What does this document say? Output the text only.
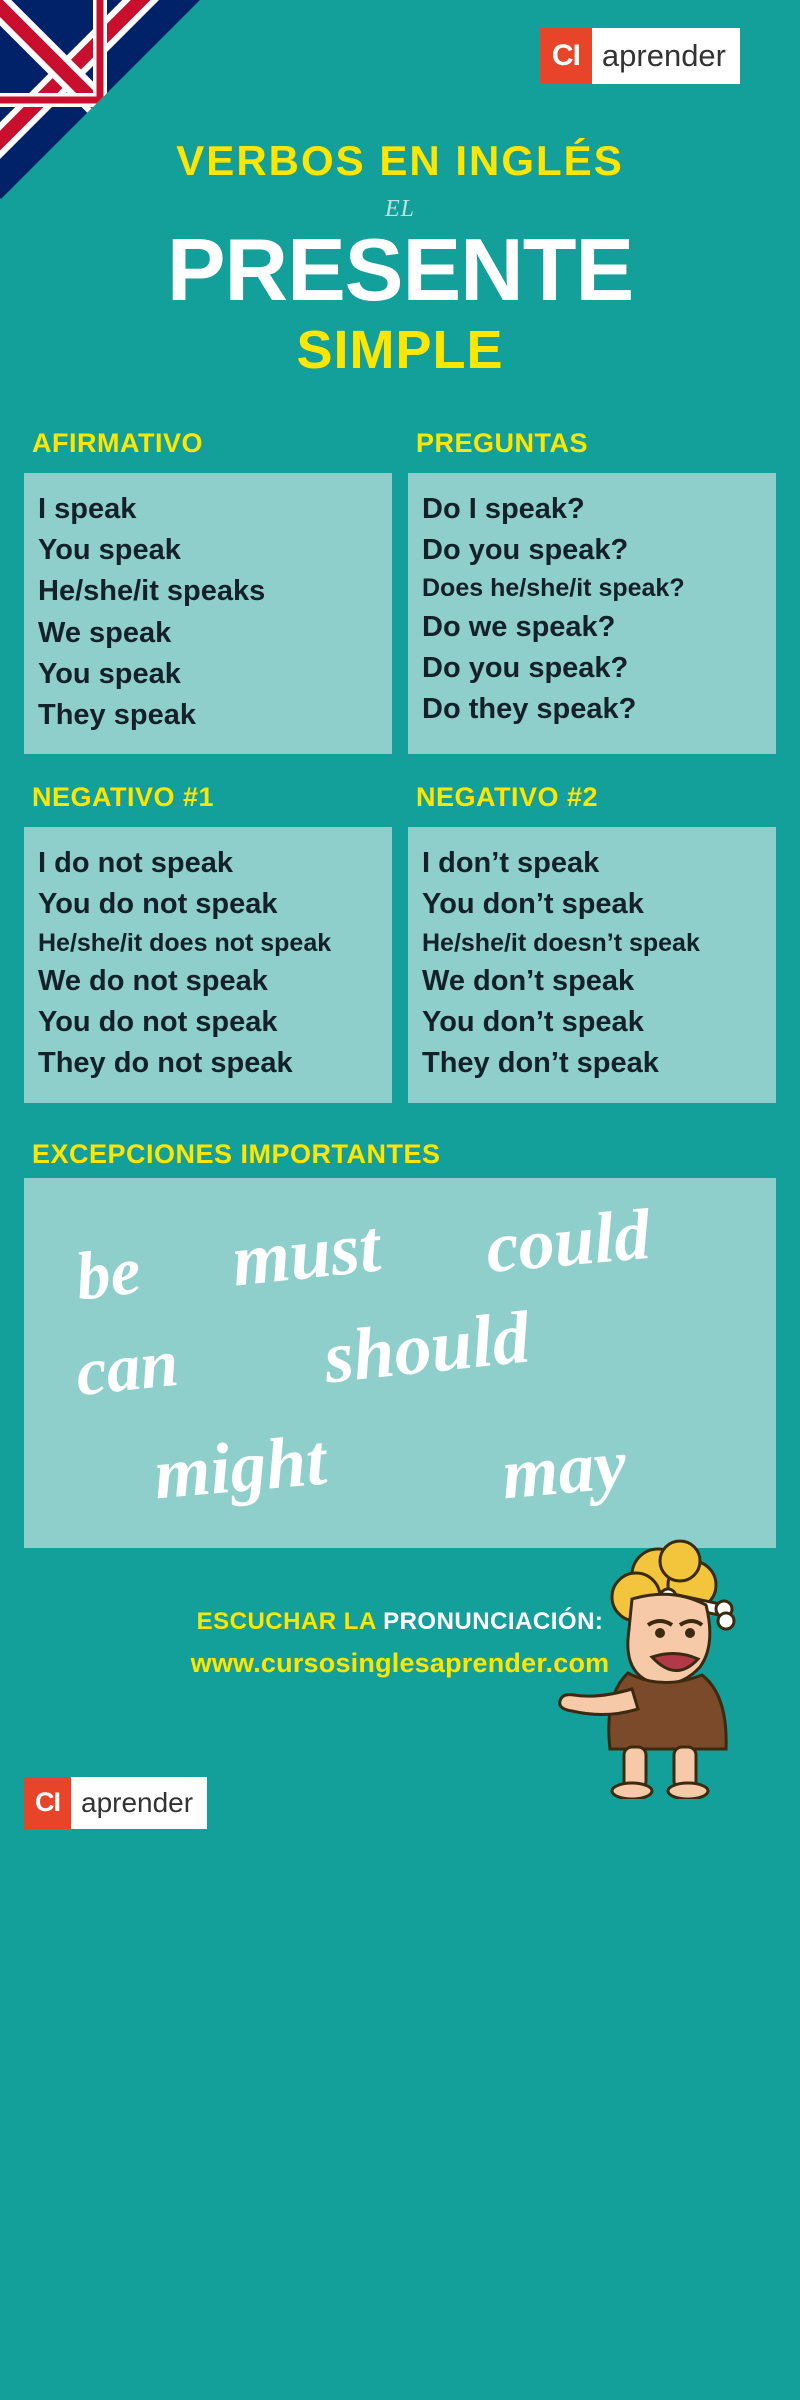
CI aprender
VERBOS EN INGLÉS
EL
PRESENTE
SIMPLE
AFIRMATIVO	PREGUNTAS
I speak
You speak
He/she/it speaks
We speak
You speak
They speak
Do I speak?
Do you speak?
Does he/she/it speak?
Do we speak?
Do you speak?
Do they speak?
NEGATIVO #1	NEGATIVO #2
I do not speak
You do not speak
He/she/it does not speak
We do not speak
You do not speak
They do not speak
I don’t speak
You don’t speak
He/she/it doesn’t speak
We don’t speak
You don’t speak
They don’t speak
EXCEPCIONES IMPORTANTES
be must could
can should
might may
ESCUCHAR LA PRONUNCIACIÓN:
www.cursosinglesaprender.com
CI aprender
